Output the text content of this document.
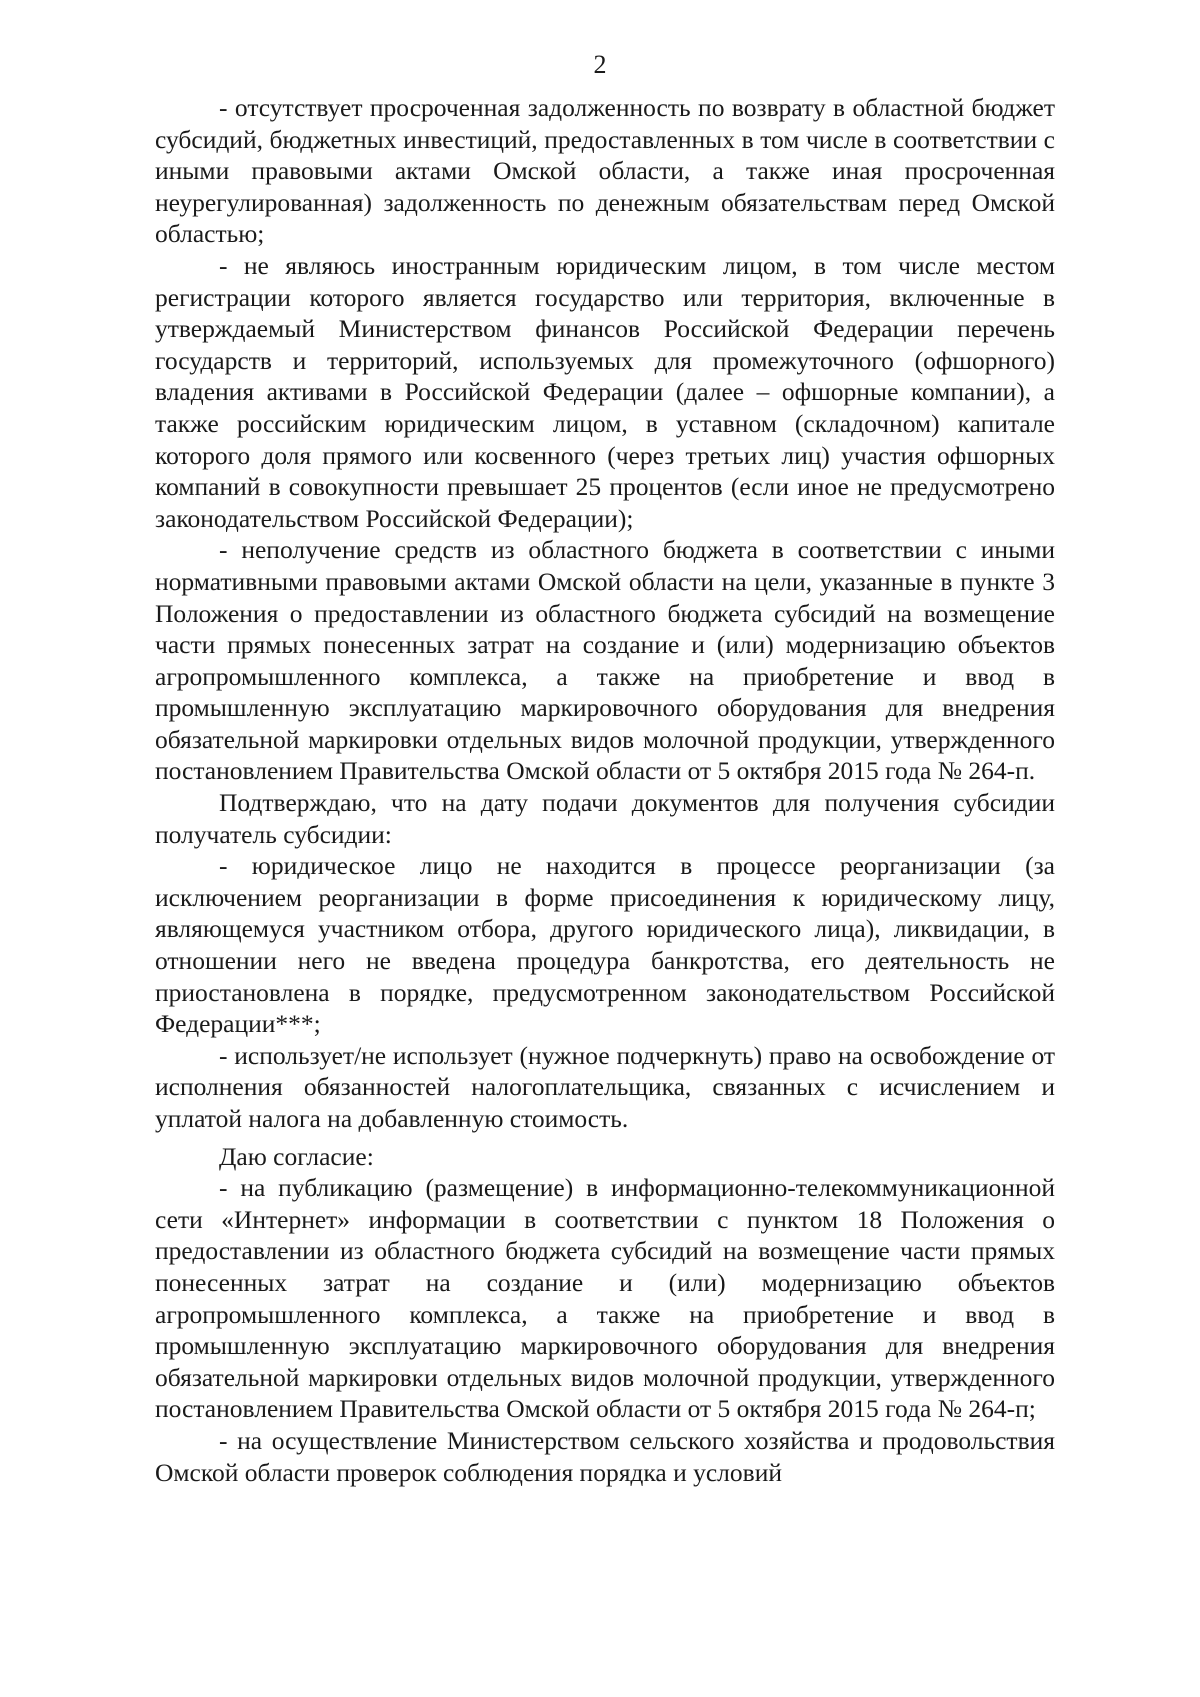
2

- отсутствует просроченная задолженность по возврату в областной бюджет субсидий, бюджетных инвестиций, предоставленных в том числе в соответствии с иными правовыми актами Омской области, а также иная просроченная неурегулированная) задолженность по денежным обязательствам перед Омской областью;

- не являюсь иностранным юридическим лицом, в том числе местом регистрации которого является государство или территория, включенные в утверждаемый Министерством финансов Российской Федерации перечень государств и территорий, используемых для промежуточного (офшорного) владения активами в Российской Федерации (далее – офшорные компании), а также российским юридическим лицом, в уставном (складочном) капитале которого доля прямого или косвенного (через третьих лиц) участия офшорных компаний в совокупности превышает 25 процентов (если иное не предусмотрено законодательством Российской Федерации);

- неполучение средств из областного бюджета в соответствии с иными нормативными правовыми актами Омской области на цели, указанные в пункте 3 Положения о предоставлении из областного бюджета субсидий на возмещение части прямых понесенных затрат на создание и (или) модернизацию объектов агропромышленного комплекса, а также на приобретение и ввод в промышленную эксплуатацию маркировочного оборудования для внедрения обязательной маркировки отдельных видов молочной продукции, утвержденного постановлением Правительства Омской области от 5 октября 2015 года № 264-п.

Подтверждаю, что на дату подачи документов для получения субсидии получатель субсидии:

- юридическое лицо не находится в процессе реорганизации (за исключением реорганизации в форме присоединения к юридическому лицу, являющемуся участником отбора, другого юридического лица), ликвидации, в отношении него не введена процедура банкротства, его деятельность не приостановлена в порядке, предусмотренном законодательством Российской Федерации***;

- использует/не использует (нужное подчеркнуть) право на освобождение от исполнения обязанностей налогоплательщика, связанных с исчислением и уплатой налога на добавленную стоимость.

Даю согласие:

- на публикацию (размещение) в информационно-телекоммуникационной сети «Интернет» информации в соответствии с пунктом 18 Положения о предоставлении из областного бюджета субсидий на возмещение части прямых понесенных затрат на создание и (или) модернизацию объектов агропромышленного комплекса, а также на приобретение и ввод в промышленную эксплуатацию маркировочного оборудования для внедрения обязательной маркировки отдельных видов молочной продукции, утвержденного постановлением Правительства Омской области от 5 октября 2015 года № 264-п;

- на осуществление Министерством сельского хозяйства и продовольствия Омской области проверок соблюдения порядка и условий
